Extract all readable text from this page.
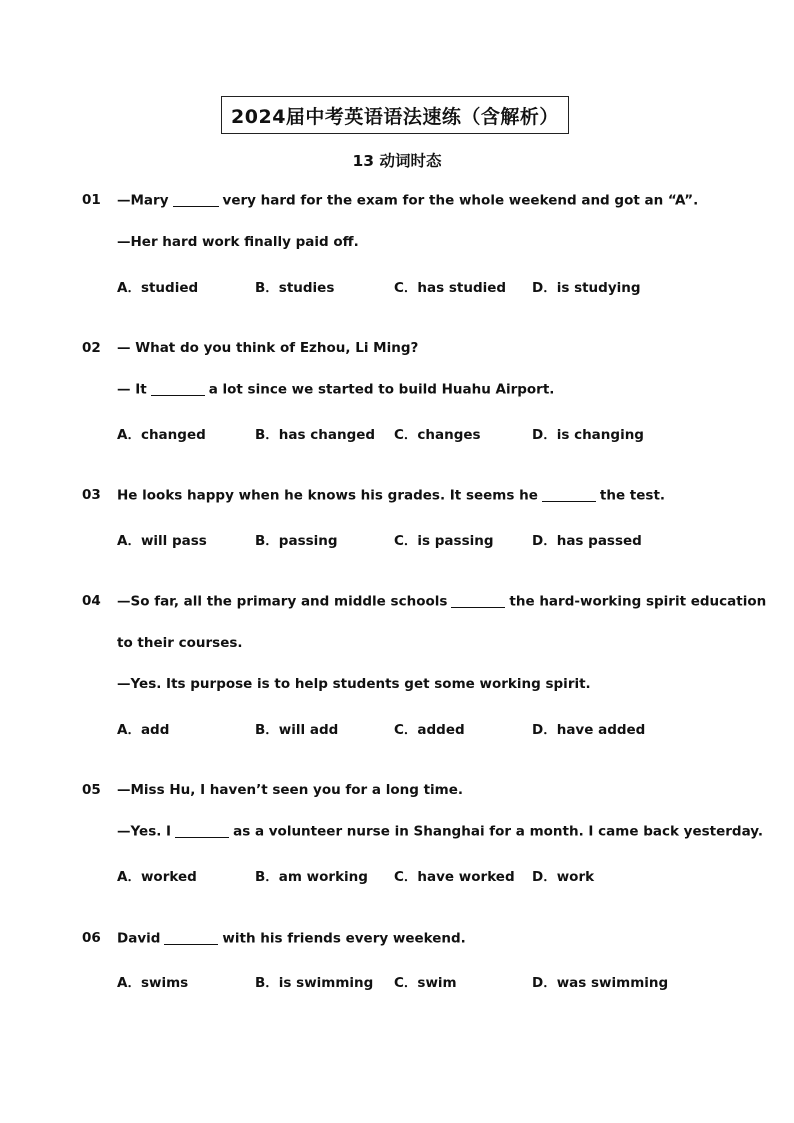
2024届中考英语语法速练（含解析）
13 动词时态
01 —Mary	very hard for the exam for the whole weekend and got an “A”.
—Her hard work finally paid off.
A．studied	B．studies	C．has studied D．is studying
02 — What do you think of Ezhou, Li Ming?
— It	a lot since we started to build Huahu Airport.
A．changed	B．has changed C．changes	D．is changing
03 He looks happy when he knows his grades. It seems he	the test.
A．will pass	B．passing	C．is passing	D．has passed
04 —So far, all the primary and middle schools	the hard-working spirit education
to their courses.
—Yes. Its purpose is to help students get some working spirit.
A．add	B．will add	C．added	D．have added
05 —Miss Hu, I haven’t seen you for a long time.
—Yes. I	as a volunteer nurse in Shanghai for a month. I came back yesterday.
A．worked	B．am working C．have worked D．work
06 David	with his friends every weekend.
A．swims	B．is swimming C．swim	D．was swimming
